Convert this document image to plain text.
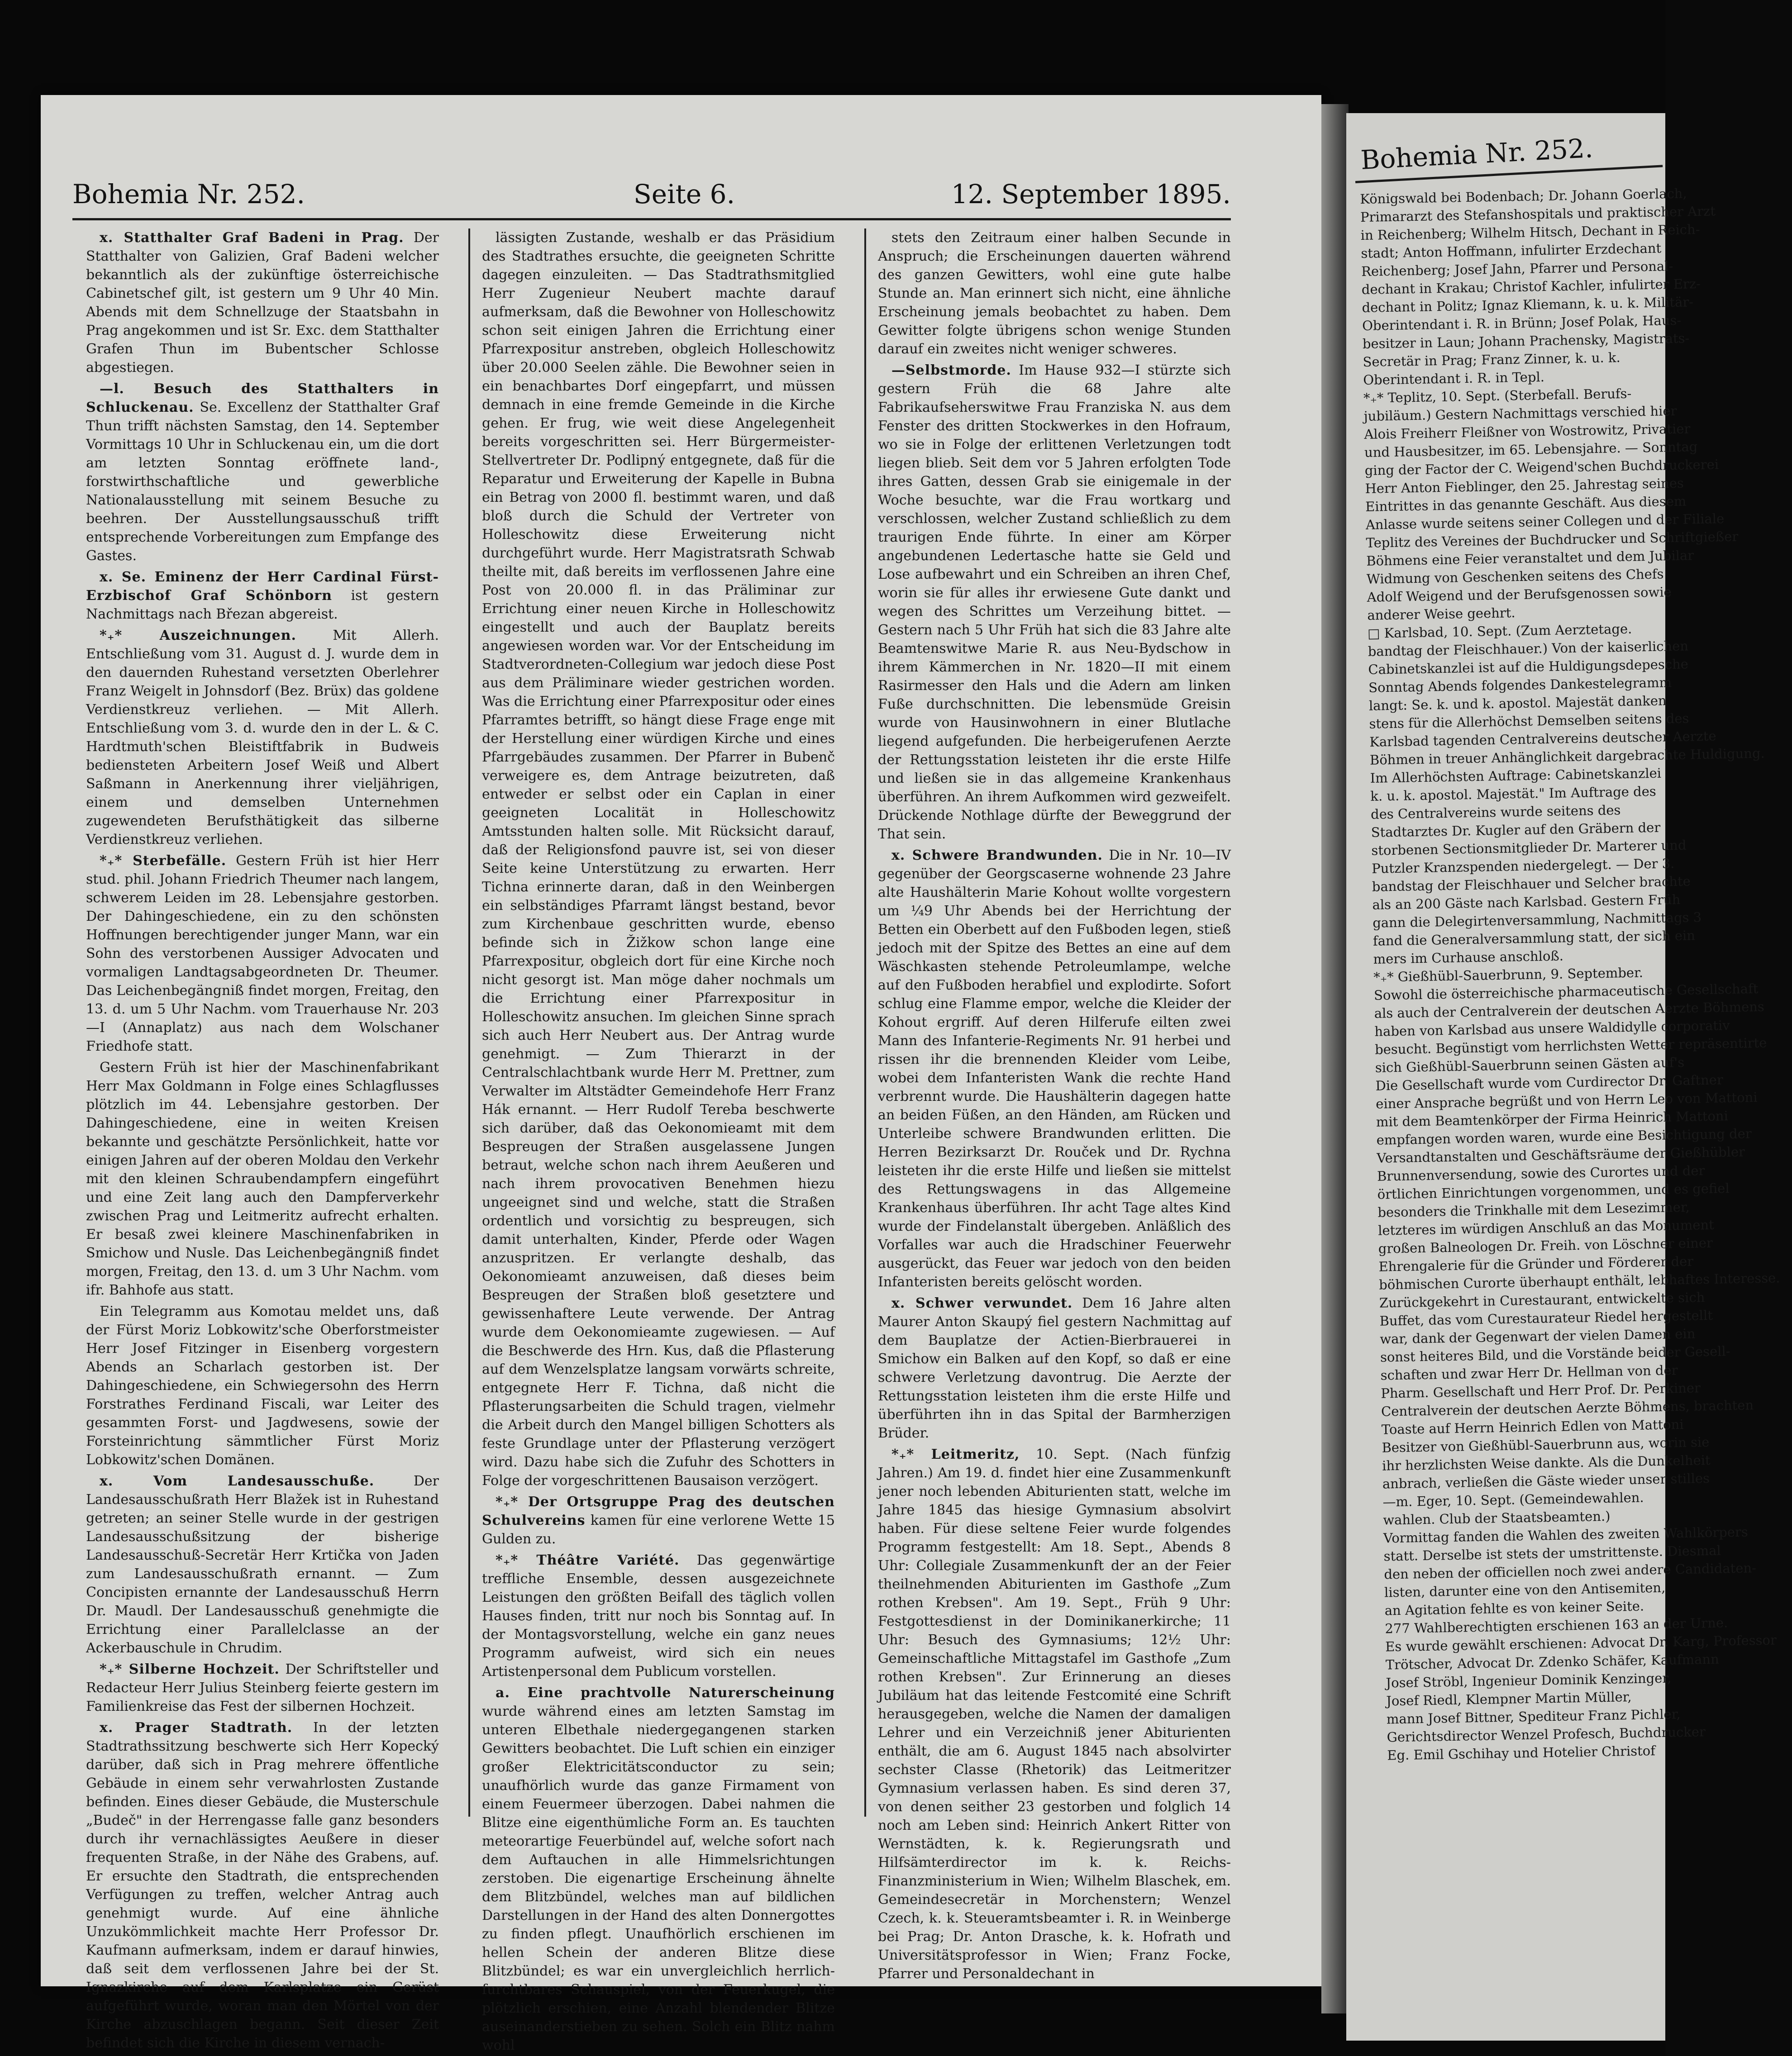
Bohemia Nr. 252.	Seite 6.	12. September 1895.

x. Statthalter Graf Badeni in Prag. Der Statthalter von Galizien, Graf Badeni welcher bekanntlich als der zukünftige österreichische Cabinetschef gilt, ist gestern um 9 Uhr 40 Min. Abends mit dem Schnellzuge der Staatsbahn in Prag angekommen und ist Sr. Exc. dem Statthalter Grafen Thun im Bubentscher Schlosse abgestiegen.

—l. Besuch des Statthalters in Schluckenau. Se. Excellenz der Statthalter Graf Thun trifft nächsten Samstag, den 14. September Vormittags 10 Uhr in Schluckenau ein, um die dort am letzten Sonntag eröffnete land-, forstwirthschaftliche und gewerbliche Nationalausstellung mit seinem Besuche zu beehren. Der Ausstellungsausschuß trifft entsprechende Vorbereitungen zum Empfange des Gastes.

x. Se. Eminenz der Herr Cardinal Fürst-Erzbischof Graf Schönborn ist gestern Nachmittags nach Březan abgereist.

*₊* Auszeichnungen.	Mit Allerh. Entschließung vom 31. August d. J. wurde dem in den dauernden Ruhestand versetzten Oberlehrer Franz Weigelt in Johnsdorf (Bez. Brüx) das goldene Verdienstkreuz verliehen. — Mit Allerh. Entschließung vom 3. d. wurde den in der L. & C. Hardtmuth'schen Bleistiftfabrik in Budweis bediensteten Arbeitern Josef Weiß und Albert Saßmann in Anerkennung ihrer vieljährigen, einem und demselben Unternehmen zugewendeten Berufsthätigkeit das silberne Verdienstkreuz verliehen.

*₊* Sterbefälle. Gestern Früh ist hier Herr stud. phil. Johann Friedrich Theumer nach langem, schwerem Leiden im 28. Lebensjahre gestorben. Der Dahingeschiedene, ein zu den schönsten Hoffnungen berechtigender junger Mann, war ein Sohn des verstorbenen Aussiger Advocaten und vormaligen Landtagsabgeordneten Dr. Theumer. Das Leichenbegängniß findet morgen, Freitag, den 13. d. um 5 Uhr Nachm. vom Trauerhause Nr. 203—I (Annaplatz) aus nach dem Wolschaner Friedhofe statt.

Gestern Früh ist hier der Maschinenfabrikant Herr Max Goldmann in Folge eines Schlagflusses plötzlich im 44. Lebensjahre gestorben. Der Dahingeschiedene, eine in weiten Kreisen bekannte und geschätzte Persönlichkeit, hatte vor einigen Jahren auf der oberen Moldau den Verkehr mit den kleinen Schraubendampfern eingeführt und eine Zeit lang auch den Dampferverkehr zwischen Prag und Leitmeritz aufrecht erhalten. Er besaß zwei kleinere Maschinenfabriken in Smichow und Nusle. Das Leichenbegängniß findet morgen, Freitag, den 13. d. um 3 Uhr Nachm. vom ifr. Bahhofe aus statt.

Ein Telegramm aus Komotau meldet uns, daß der Fürst Moriz Lobkowitz'sche Oberforstmeister Herr Josef Fitzinger in Eisenberg vorgestern Abends an Scharlach gestorben ist. Der Dahingeschiedene, ein Schwiegersohn des Herrn Forstrathes Ferdinand Fiscali, war Leiter des gesammten Forst- und Jagdwesens, sowie der Forsteinrichtung sämmtlicher Fürst Moriz Lobkowitz'schen Domänen.

x. Vom Landesausschuße.	Der Landesausschußrath Herr Blažek ist in Ruhestand getreten; an seiner Stelle wurde in der gestrigen Landesausschußsitzung der bisherige Landesausschuß-Secretär Herr Krtička von Jaden zum Landesausschußrath ernannt. — Zum Concipisten ernannte der Landesausschuß Herrn Dr. Maudl. Der Landesausschuß genehmigte die Errichtung einer Parallelclasse an der Ackerbauschule in Chrudim.

*₊* Silberne Hochzeit. Der Schriftsteller und Redacteur Herr Julius Steinberg feierte gestern im Familienkreise das Fest der silbernen Hochzeit.

x. Prager Stadtrath. In der letzten Stadtrathssitzung beschwerte sich Herr Kopecký darüber, daß sich in Prag mehrere öffentliche Gebäude in einem sehr verwahrlosten Zustande befinden. Eines dieser Gebäude, die Musterschule „Budeč" in der Herrengasse falle ganz besonders durch ihr vernachlässigtes Aeußere in dieser frequenten Straße, in der Nähe des Grabens, auf. Er ersuchte den Stadtrath, die entsprechenden Verfügungen zu treffen, welcher Antrag auch genehmigt wurde. Auf eine ähnliche Unzukömmlichkeit machte Herr Professor Dr. Kaufmann aufmerksam, indem er darauf hinwies, daß seit dem verflossenen Jahre bei der St. Ignazkirche auf dem Karlsplatze ein Gerüst aufgeführt wurde, woran man den Mörtel von der Kirche abzuschlagen begann. Seit dieser Zeit befindet sich die Kirche in diesem vernach-

lässigten Zustande, weshalb er das Präsidium des Stadtrathes ersuchte, die geeigneten Schritte dagegen einzuleiten. — Das Stadtrathsmitglied Herr Zugenieur Neubert machte darauf aufmerksam, daß die Bewohner von Holleschowitz schon seit einigen Jahren die Errichtung einer Pfarrexpositur anstreben, obgleich Holleschowitz über 20.000 Seelen zähle. Die Bewohner seien in ein benachbartes Dorf eingepfarrt, und müssen demnach in eine fremde Gemeinde in die Kirche gehen. Er frug, wie weit diese Angelegenheit bereits vorgeschritten sei. Herr Bürgermeister-Stellvertreter Dr. Podlipný entgegnete, daß für die Reparatur und Erweiterung der Kapelle in Bubna ein Betrag von 2000 fl. bestimmt waren, und daß bloß durch die Schuld der Vertreter von Holleschowitz diese Erweiterung nicht durchgeführt wurde. Herr Magistratsrath Schwab theilte mit, daß bereits im verflossenen Jahre eine Post von 20.000 fl. in das Präliminar zur Errichtung einer neuen Kirche in Holleschowitz eingestellt und auch der Bauplatz bereits angewiesen worden war. Vor der Entscheidung im Stadtverordneten-Collegium war jedoch diese Post aus dem Präliminare wieder gestrichen worden. Was die Errichtung einer Pfarrexpositur oder eines Pfarramtes betrifft, so hängt diese Frage enge mit der Herstellung einer würdigen Kirche und eines Pfarrgebäudes zusammen. Der Pfarrer in Bubenč verweigere es, dem Antrage beizutreten, daß entweder er selbst oder ein Caplan in einer geeigneten Localität in Holleschowitz Amtsstunden halten solle. Mit Rücksicht darauf, daß der Religionsfond pauvre ist, sei von dieser Seite keine Unterstützung zu erwarten. Herr Tichna erinnerte daran, daß in den Weinbergen ein selbständiges Pfarramt längst bestand, bevor zum Kirchenbaue geschritten wurde, ebenso befinde sich in Žižkow schon lange eine Pfarrexpositur, obgleich dort für eine Kirche noch nicht gesorgt ist. Man möge daher nochmals um die Errichtung einer Pfarrexpositur in Holleschowitz ansuchen. Im gleichen Sinne sprach sich auch Herr Neubert aus. Der Antrag wurde genehmigt. — Zum Thierarzt in der Centralschlachtbank wurde Herr M. Prettner, zum Verwalter im Altstädter Gemeindehofe Herr Franz Hák ernannt. — Herr Rudolf Tereba beschwerte sich darüber, daß das Oekonomieamt mit dem Bespreugen der Straßen ausgelassene Jungen betraut, welche schon nach ihrem Aeußeren und nach ihrem provocativen Benehmen hiezu ungeeignet sind und welche, statt die Straßen ordentlich und vorsichtig zu bespreugen, sich damit unterhalten, Kinder, Pferde oder Wagen anzuspritzen. Er verlangte deshalb, das Oekonomieamt anzuweisen, daß dieses beim Bespreugen der Straßen bloß gesetztere und gewissenhaftere Leute verwende. Der Antrag wurde dem Oekonomieamte zugewiesen. — Auf die Beschwerde des Hrn. Kus, daß die Pflasterung auf dem Wenzelsplatze langsam vorwärts schreite, entgegnete Herr F. Tichna, daß nicht die Pflasterungsarbeiten die Schuld tragen, vielmehr die Arbeit durch den Mangel billigen Schotters als feste Grundlage unter der Pflasterung verzögert wird. Dazu habe sich die Zufuhr des Schotters in Folge der vorgeschrittenen Bausaison verzögert.

*₊* Der Ortsgruppe Prag des deutschen Schulvereins kamen für eine verlorene Wette 15 Gulden zu.

*₊* Théâtre Variété. Das gegenwärtige treffliche Ensemble, dessen ausgezeichnete Leistungen den größten Beifall des täglich vollen Hauses finden, tritt nur noch bis Sonntag auf. In der Montagsvorstellung, welche ein ganz neues Programm aufweist, wird sich ein neues Artistenpersonal dem Publicum vorstellen.

a. Eine prachtvolle Naturerscheinung wurde während eines am letzten Samstag im unteren Elbethale niedergegangenen starken Gewitters beobachtet. Die Luft schien ein einziger großer Elektricitätsconductor zu sein; unaufhörlich wurde das ganze Firmament von einem Feuermeer überzogen. Dabei nahmen die Blitze eine eigenthümliche Form an. Es tauchten meteorartige Feuerbündel auf, welche sofort nach dem Auftauchen in alle Himmelsrichtungen zerstoben. Die eigenartige Erscheinung ähnelte dem Blitzbündel, welches man auf bildlichen Darstellungen in der Hand des alten Donnergottes zu finden pflegt. Unaufhörlich erschienen im hellen Schein der anderen Blitze diese Blitzbündel; es war ein unvergleichlich herrlich-furchtbares Schauspiel, von der Feuerkugel, die plötzlich erschien, eine Anzahl blendender Blitze auseinanderstieben zu sehen. Solch ein Blitz nahm wohl

stets den Zeitraum einer halben Secunde in Anspruch; die Erscheinungen dauerten während des ganzen Gewitters, wohl eine gute halbe Stunde an. Man erinnert sich nicht, eine ähnliche Erscheinung jemals beobachtet zu haben. Dem Gewitter folgte übrigens schon wenige Stunden darauf ein zweites nicht weniger schweres.

—Selbstmorde. Im Hause 932—I stürzte sich gestern Früh die 68 Jahre alte Fabrikaufseherswitwe Frau Franziska N. aus dem Fenster des dritten Stockwerkes in den Hofraum, wo sie in Folge der erlittenen Verletzungen todt liegen blieb. Seit dem vor 5 Jahren erfolgten Tode ihres Gatten, dessen Grab sie einigemale in der Woche besuchte, war die Frau wortkarg und verschlossen, welcher Zustand schließlich zu dem traurigen Ende führte. In einer am Körper angebundenen Ledertasche hatte sie Geld und Lose aufbewahrt und ein Schreiben an ihren Chef, worin sie für alles ihr erwiesene Gute dankt und wegen des Schrittes um Verzeihung bittet. — Gestern nach 5 Uhr Früh hat sich die 83 Jahre alte Beamtenswitwe Marie R. aus Neu-Bydschow in ihrem Kämmerchen in Nr. 1820—II mit einem Rasirmesser den Hals und die Adern am linken Fuße durchschnitten. Die lebensmüde Greisin wurde von Hausinwohnern in einer Blutlache liegend aufgefunden. Die herbeigerufenen Aerzte der Rettungsstation leisteten ihr die erste Hilfe und ließen sie in das allgemeine Krankenhaus überführen. An ihrem Aufkommen wird gezweifelt. Drückende Nothlage dürfte der Beweggrund der That sein.

x. Schwere Brandwunden. Die in Nr. 10—IV gegenüber der Georgscaserne wohnende 23 Jahre alte Haushälterin Marie Kohout wollte vorgestern um ¼9 Uhr Abends bei der Herrichtung der Betten ein Oberbett auf den Fußboden legen, stieß jedoch mit der Spitze des Bettes an eine auf dem Wäschkasten stehende Petroleumlampe, welche auf den Fußboden herabfiel und explodirte. Sofort schlug eine Flamme empor, welche die Kleider der Kohout ergriff. Auf deren Hilferufe eilten zwei Mann des Infanterie-Regiments Nr. 91 herbei und rissen ihr die brennenden Kleider vom Leibe, wobei dem Infanteristen Wank die rechte Hand verbrennt wurde. Die Haushälterin dagegen hatte an beiden Füßen, an den Händen, am Rücken und Unterleibe schwere Brandwunden erlitten. Die Herren Bezirksarzt Dr. Rouček und Dr. Rychna leisteten ihr die erste Hilfe und ließen sie mittelst des Rettungswagens in das Allgemeine Krankenhaus überführen. Ihr acht Tage altes Kind wurde der Findelanstalt übergeben. Anläßlich des Vorfalles war auch die Hradschiner Feuerwehr ausgerückt, das Feuer war jedoch von den beiden Infanteristen bereits gelöscht worden.

x. Schwer verwundet. Dem 16 Jahre alten Maurer Anton Skaupý fiel gestern Nachmittag auf dem Bauplatze der Actien-Bierbrauerei in Smichow ein Balken auf den Kopf, so daß er eine schwere Verletzung davontrug. Die Aerzte der Rettungsstation leisteten ihm die erste Hilfe und überführten ihn in das Spital der Barmherzigen Brüder.

*₊* Leitmeritz, 10. Sept. (Nach fünfzig Jahren.) Am 19. d. findet hier eine Zusammenkunft jener noch lebenden Abiturienten statt, welche im Jahre 1845 das hiesige Gymnasium absolvirt haben. Für diese seltene Feier wurde folgendes Programm festgestellt: Am 18. Sept., Abends 8 Uhr: Collegiale Zusammenkunft der an der Feier theilnehmenden Abiturienten im Gasthofe „Zum rothen Krebsen". Am 19. Sept., Früh 9 Uhr: Festgottesdienst in der Dominikanerkirche; 11 Uhr: Besuch des Gymnasiums; 12½ Uhr: Gemeinschaftliche Mittagstafel im Gasthofe „Zum rothen Krebsen". Zur Erinnerung an dieses Jubiläum hat das leitende Festcomité eine Schrift herausgegeben, welche die Namen der damaligen Lehrer und ein Verzeichniß jener Abiturienten enthält, die am 6. August 1845 nach absolvirter sechster Classe (Rhetorik) das Leitmeritzer Gymnasium verlassen haben. Es sind deren 37, von denen seither 23 gestorben und folglich 14 noch am Leben sind: Heinrich Ankert Ritter von Wernstädten, k. k. Regierungsrath und Hilfsämterdirector im k. k. Reichs-Finanzministerium in Wien; Wilhelm Blaschek, em. Gemeindesecretär in Morchenstern; Wenzel Czech, k. k. Steueramtsbeamter i. R. in Weinberge bei Prag; Dr. Anton Drasche, k. k. Hofrath und Universitätsprofessor in Wien; Franz Focke, Pfarrer und Personaldechant in

Bohemia Nr. 252.
Königswald bei Bodenbach; Dr. Johann Goerlach,
Primararzt des Stefanshospitals und praktischer Arzt
in Reichenberg; Wilhelm Hitsch, Dechant in Reich-
stadt; Anton Hoffmann, infulirter Erzdechant
Reichenberg; Josef Jahn, Pfarrer und Personal-
dechant in Krakau; Christof Kachler, infulirter Erz-
dechant in Politz; Ignaz Kliemann, k. u. k. Militär-
Oberintendant i. R. in Brünn; Josef Polak, Haus-
besitzer in Laun; Johann Prachensky, Magistrats-
Secretär in Prag; Franz Zinner, k. u. k.
Oberintendant i. R. in Tepl.
*₊* Teplitz, 10. Sept. (Sterbefall. Berufs-
jubiläum.) Gestern Nachmittags verschied hier
Alois Freiherr Fleißner von Wostrowitz, Privatier
und Hausbesitzer, im 65. Lebensjahre. — Sonntag
ging der Factor der C. Weigend'schen Buchdruckerei
Herr Anton Fieblinger, den 25. Jahrestag seines
Eintrittes in das genannte Geschäft. Aus diesem
Anlasse wurde seitens seiner Collegen und der Filiale
Teplitz des Vereines der Buchdrucker und Schriftgießer
Böhmens eine Feier veranstaltet und dem Jubilar
Widmung von Geschenken seitens des Chefs
Adolf Weigend und der Berufsgenossen sowie
anderer Weise geehrt.
□ Karlsbad, 10. Sept. (Zum Aerztetage.
bandtag der Fleischhauer.) Von der kaiserlichen
Cabinetskanzlei ist auf die Huldigungsdepesche
Sonntag Abends folgendes Dankestelegramm
langt: Se. k. und k. apostol. Majestät danken
stens für die Allerhöchst Demselben seitens des
Karlsbad tagenden Centralvereins deutscher Aerzte
Böhmen in treuer Anhänglichkeit dargebrachte Huldigung.
Im Allerhöchsten Auftrage: Cabinetskanzlei
k. u. k. apostol. Majestät." Im Auftrage des
des Centralvereins wurde seitens des
Stadtarztes Dr. Kugler auf den Gräbern der
storbenen Sectionsmitglieder Dr. Marterer und
Putzler Kranzspenden niedergelegt. — Der 3.
bandstag der Fleischhauer und Selcher brachte
als an 200 Gäste nach Karlsbad. Gestern Früh
gann die Delegirtenversammlung, Nachmittags 3
fand die Generalversammlung statt, der sich ein
mers im Curhause anschloß.
*₊* Gießhübl-Sauerbrunn, 9. September.
Sowohl die österreichische pharmaceutische Gesellschaft
als auch der Centralverein der deutschen Aerzte Böhmens
haben von Karlsbad aus unsere Waldidylle corporativ
besucht. Begünstigt vom herrlichsten Wetter repräsentirte
sich Gießhübl-Sauerbrunn seinen Gästen auf's
Die Gesellschaft wurde vom Curdirector Dr. Gaftner
einer Ansprache begrüßt und von Herrn Leo von Mattoni
mit dem Beamtenkörper der Firma Heinrich Mattoni
empfangen worden waren, wurde eine Besichtigung der
Versandtanstalten und Geschäftsräume der Gießhübler
Brunnenversendung, sowie des Curortes und der
örtlichen Einrichtungen vorgenommen, und es gefiel
besonders die Trinkhalle mit dem Lesezimmer,
letzteres im würdigen Anschluß an das Monument
großen Balneologen Dr. Freih. von Löschner einer
Ehrengalerie für die Gründer und Förderer der
böhmischen Curorte überhaupt enthält, lebhaftes Interesse.
Zurückgekehrt in Curestaurant, entwickelte sich
Buffet, das vom Curestaurateur Riedel hergestellt
war, dank der Gegenwart der vielen Damen ein
sonst heiteres Bild, und die Vorstände beider Gesell-
schaften und zwar Herr Dr. Hellman von der
Pharm. Gesellschaft und Herr Prof. Dr. Perkiner
Centralverein der deutschen Aerzte Böhmens, brachten
Toaste auf Herrn Heinrich Edlen von Mattoni
Besitzer von Gießhübl-Sauerbrunn aus, worin sie
ihr herzlichsten Weise dankte. Als die Dunkelheit
anbrach, verließen die Gäste wieder unser stilles
—m. Eger, 10. Sept. (Gemeindewahlen.
wahlen. Club der Staatsbeamten.)
Vormittag fanden die Wahlen des zweiten Wahlkörpers
statt. Derselbe ist stets der umstrittenste. Diesmal
den neben der officiellen noch zwei andere Candidaten-
listen, darunter eine von den Antisemiten,
an Agitation fehlte es von keiner Seite.
277 Wahlberechtigten erschienen 163 an der Urne.
Es wurde gewählt erschienen: Advocat Dr. Karg, Professor
Trötscher, Advocat Dr. Zdenko Schäfer, Kaufmann
Josef Ströbl, Ingenieur Dominik Kenzinger,
Josef Riedl, Klempner Martin Müller,
mann Josef Bittner, Spediteur Franz Pichler,
Gerichtsdirector Wenzel Profesch, Buchdrucker
Eg. Emil Gschihay und Hotelier Christof
